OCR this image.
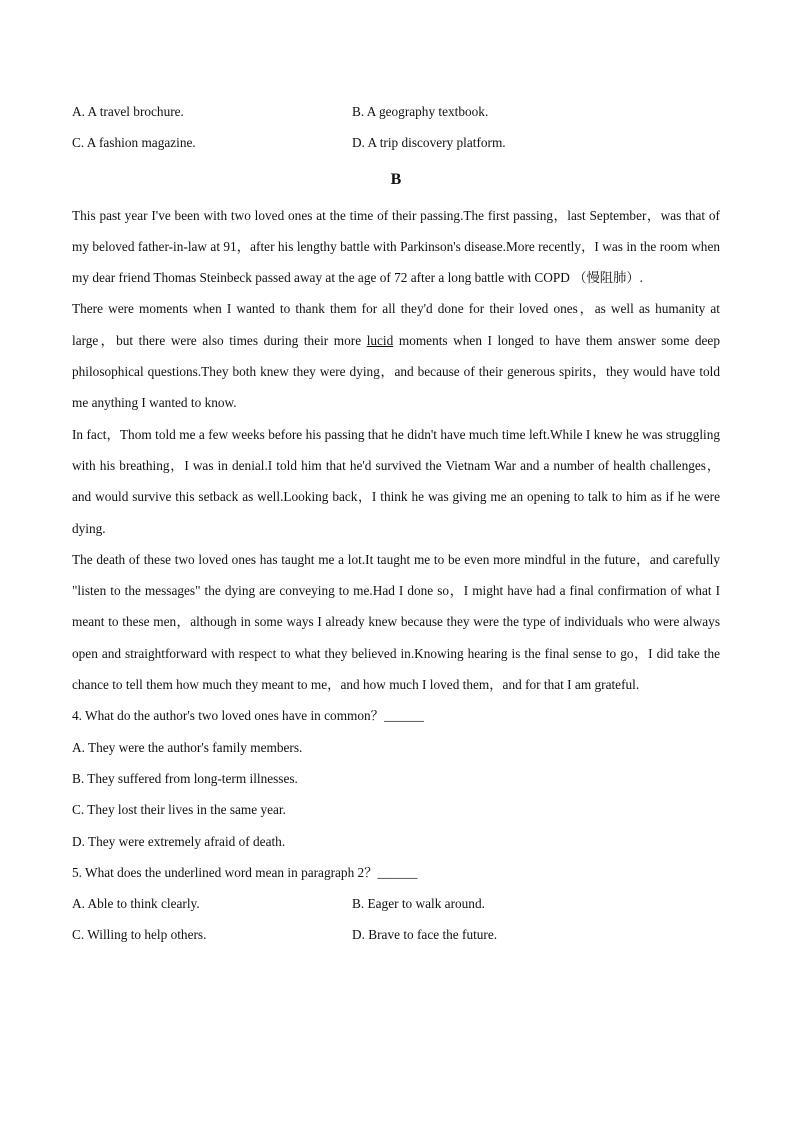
A. A travel brochure.	B. A geography textbook.
C. A fashion magazine.	D. A trip discovery platform.
B

This past year I've been with two loved ones at the time of their passing.The first passing，last September，was that of my beloved father-in-law at 91，after his lengthy battle with Parkinson's disease.More recently，I was in the room when my dear friend Thomas Steinbeck passed away at the age of 72 after a long battle with COPD （慢阻肺）.

There were moments when I wanted to thank them for all they'd done for their loved ones，as well as humanity at large，but there were also times during their more lucid moments when I longed to have them answer some deep philosophical questions.They both knew they were dying，and because of their generous spirits，they would have told me anything I wanted to know.

In fact，Thom told me a few weeks before his passing that he didn't have much time left.While I knew he was struggling with his breathing，I was in denial.I told him that he'd survived the Vietnam War and a number of health challenges，and would survive this setback as well.Looking back，I think he was giving me an opening to talk to him as if he were dying.

The death of these two loved ones has taught me a lot.It taught me to be even more mindful in the future，and carefully "listen to the messages" the dying are conveying to me.Had I done so，I might have had a final confirmation of what I meant to these men，although in some ways I already knew because they were the type of individuals who were always open and straightforward with respect to what they believed in.Knowing hearing is the final sense to go，I did take the chance to tell them how much they meant to me，and how much I loved them，and for that I am grateful.

4. What do the author's two loved ones have in common？______
A. They were the author's family members.
B. They suffered from long-term illnesses.
C. They lost their lives in the same year.
D. They were extremely afraid of death.
5. What does the underlined word mean in paragraph 2？______
A. Able to think clearly.	B. Eager to walk around.
C. Willing to help others.	D. Brave to face the future.
